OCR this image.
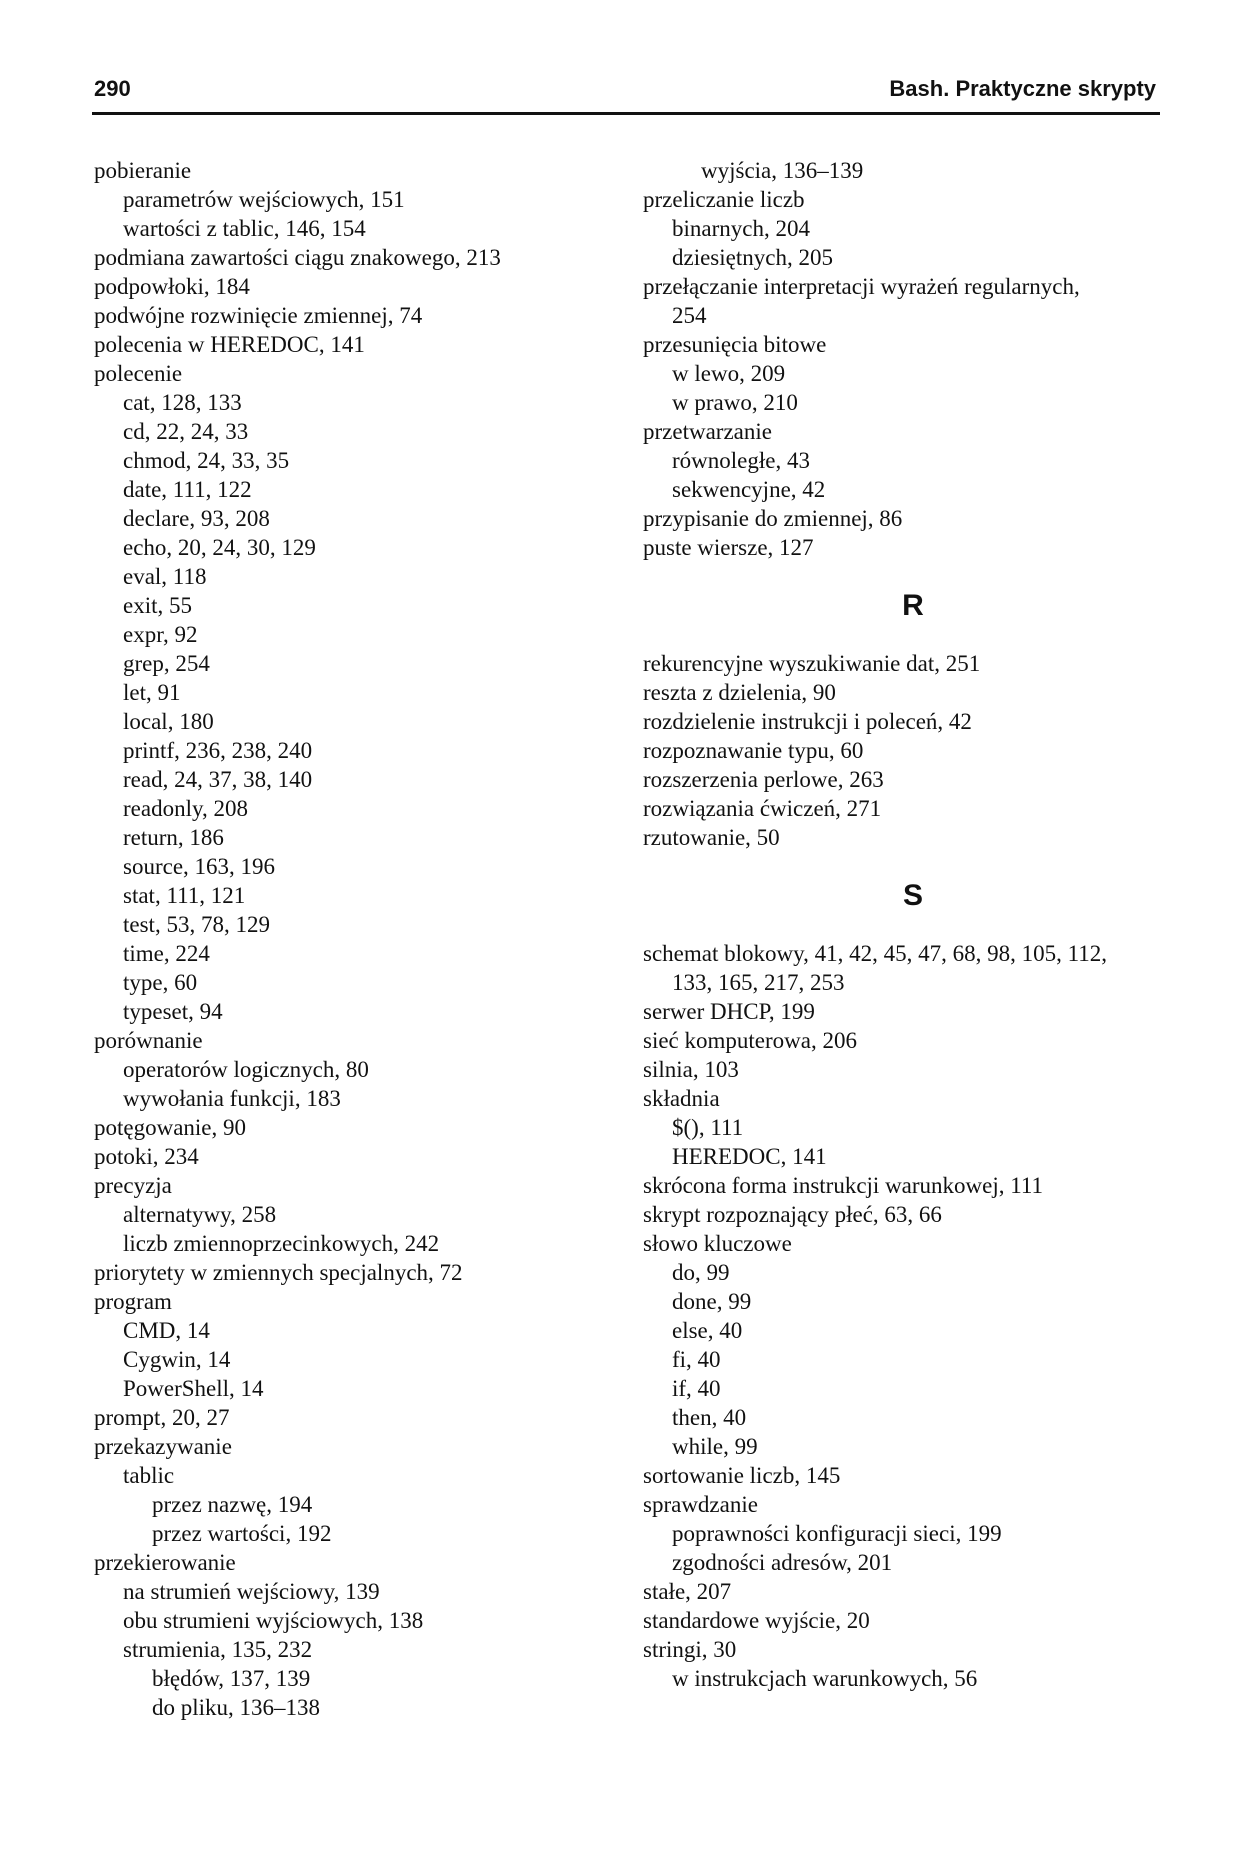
290	Bash. Praktyczne skrypty
pobieranie
parametrów wejściowych, 151
wartości z tablic, 146, 154
podmiana zawartości ciągu znakowego, 213
podpowłoki, 184
podwójne rozwinięcie zmiennej, 74
polecenia w HEREDOC, 141
polecenie
cat, 128, 133
cd, 22, 24, 33
chmod, 24, 33, 35
date, 111, 122
declare, 93, 208
echo, 20, 24, 30, 129
eval, 118
exit, 55
expr, 92
grep, 254
let, 91
local, 180
printf, 236, 238, 240
read, 24, 37, 38, 140
readonly, 208
return, 186
source, 163, 196
stat, 111, 121
test, 53, 78, 129
time, 224
type, 60
typeset, 94
porównanie
operatorów logicznych, 80
wywołania funkcji, 183
potęgowanie, 90
potoki, 234
precyzja
alternatywy, 258
liczb zmiennoprzecinkowych, 242
priorytety w zmiennych specjalnych, 72
program
CMD, 14
Cygwin, 14
PowerShell, 14
prompt, 20, 27
przekazywanie
tablic
przez nazwę, 194
przez wartości, 192
przekierowanie
na strumień wejściowy, 139
obu strumieni wyjściowych, 138
strumienia, 135, 232
błędów, 137, 139
do pliku, 136–138
wyjścia, 136–139
przeliczanie liczb
binarnych, 204
dziesiętnych, 205
przełączanie interpretacji wyrażeń regularnych,
254
przesunięcia bitowe
w lewo, 209
w prawo, 210
przetwarzanie
równoległe, 43
sekwencyjne, 42
przypisanie do zmiennej, 86
puste wiersze, 127
R
rekurencyjne wyszukiwanie dat, 251
reszta z dzielenia, 90
rozdzielenie instrukcji i poleceń, 42
rozpoznawanie typu, 60
rozszerzenia perlowe, 263
rozwiązania ćwiczeń, 271
rzutowanie, 50
S
schemat blokowy, 41, 42, 45, 47, 68, 98, 105, 112,
133, 165, 217, 253
serwer DHCP, 199
sieć komputerowa, 206
silnia, 103
składnia
$(), 111
HEREDOC, 141
skrócona forma instrukcji warunkowej, 111
skrypt rozpoznający płeć, 63, 66
słowo kluczowe
do, 99
done, 99
else, 40
fi, 40
if, 40
then, 40
while, 99
sortowanie liczb, 145
sprawdzanie
poprawności konfiguracji sieci, 199
zgodności adresów, 201
stałe, 207
standardowe wyjście, 20
stringi, 30
w instrukcjach warunkowych, 56
